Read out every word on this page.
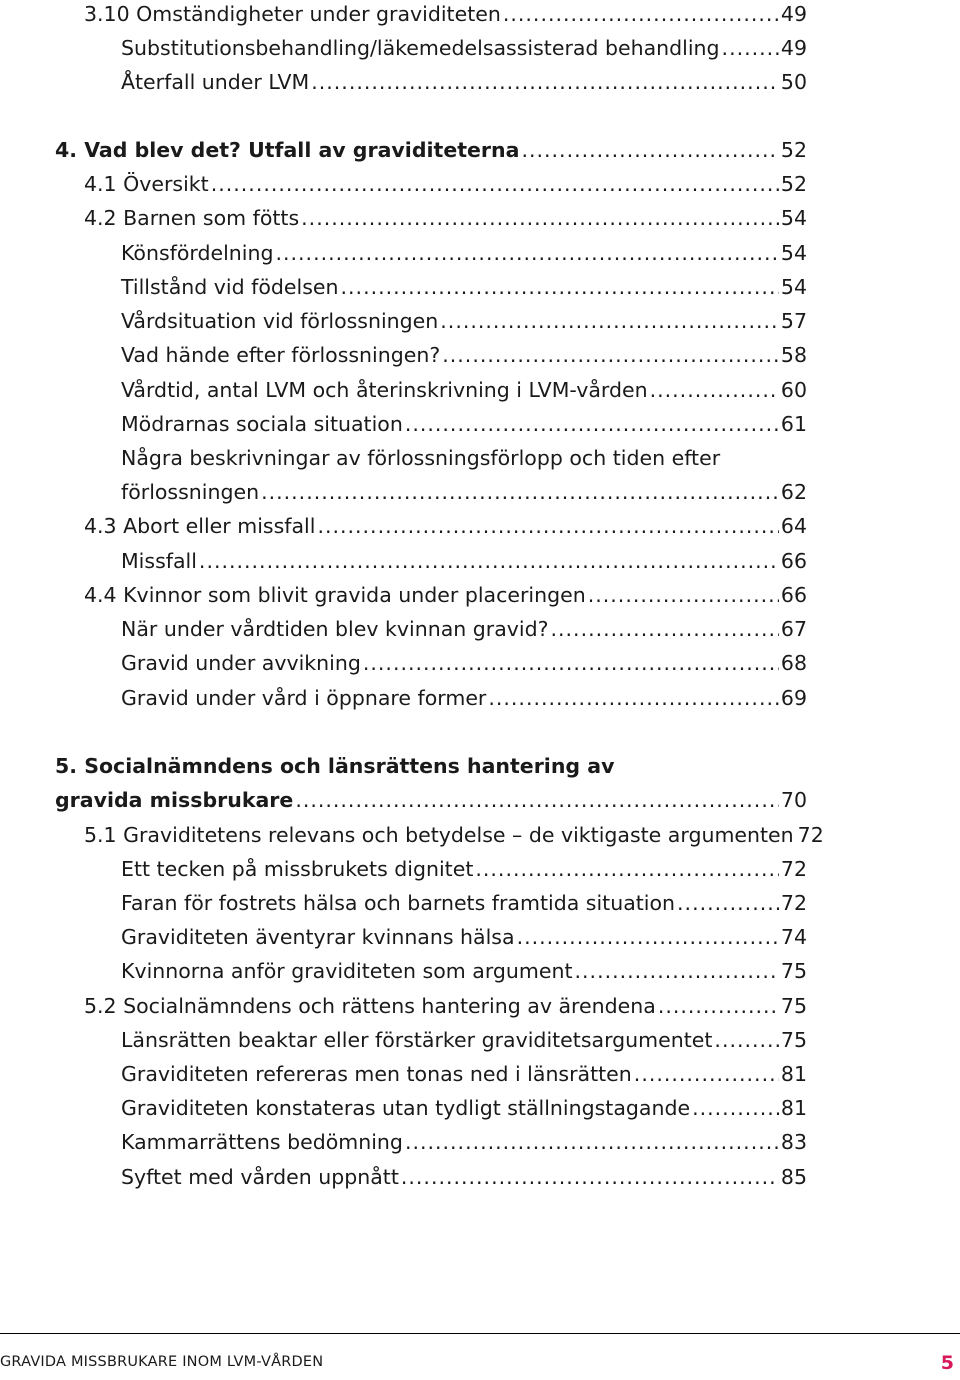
3.10 Omständigheter under graviditeten .....	49
Substitutionsbehandling/läkemedelsassisterad behandling .....	49
Återfall under LVM .....	50
4. Vad blev det? Utfall av graviditeterna .....	52
4.1 Översikt .....	52
4.2 Barnen som fötts .....	54
Könsfördelning .....	54
Tillstånd vid födelsen .....	54
Vårdsituation vid förlossningen .....	57
Vad hände efter förlossningen? .....	58
Vårdtid, antal LVM och återinskrivning i LVM-vården .....	60
Mödrarnas sociala situation .....	61
Några beskrivningar av förlossningsförlopp och tiden efter
förlossningen .....	62
4.3 Abort eller missfall .....	64
Missfall .....	66
4.4 Kvinnor som blivit gravida under placeringen .....	66
När under vårdtiden blev kvinnan gravid? .....	67
Gravid under avvikning .....	68
Gravid under vård i öppnare former .....	69
5. Socialnämndens och länsrättens hantering av
gravida missbrukare .....	70
5.1 Graviditetens relevans och betydelse – de viktigaste argumenten 72
Ett tecken på missbrukets dignitet .....	72
Faran för fostrets hälsa och barnets framtida situation .....	72
Graviditeten äventyrar kvinnans hälsa .....	74
Kvinnorna anför graviditeten som argument .....	75
5.2 Socialnämndens och rättens hantering av ärendena .....	75
Länsrätten beaktar eller förstärker graviditetsargumentet .....	75
Graviditeten refereras men tonas ned i länsrätten .....	81
Graviditeten konstateras utan tydligt ställningstagande .....	81
Kammarrättens bedömning .....	83
Syftet med vården uppnått .....	85
GRAVIDA MISSBRUKARE INOM LVM-VÅRDEN	5
